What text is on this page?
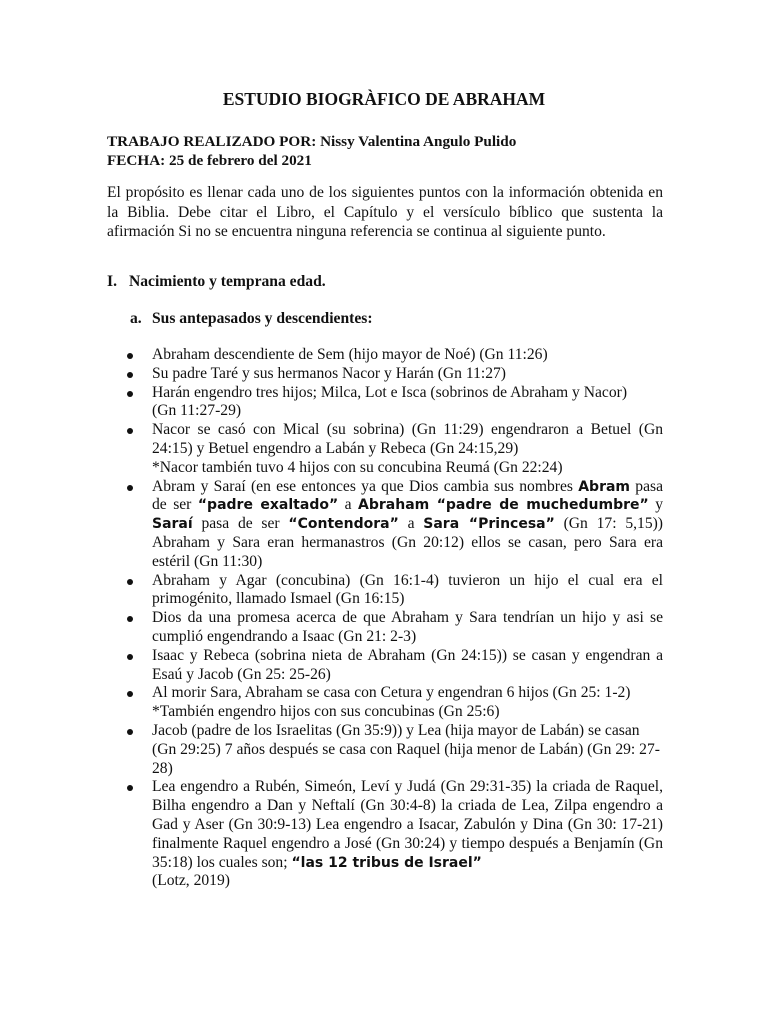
ESTUDIO BIOGRÀFICO DE ABRAHAM
TRABAJO REALIZADO POR: Nissy Valentina Angulo Pulido
FECHA: 25 de febrero del 2021
El propósito es llenar cada uno de los siguientes puntos con la información obtenida en la Biblia. Debe citar el Libro, el Capítulo y el versículo bíblico que sustenta la afirmación Si no se encuentra ninguna referencia se continua al siguiente punto.
I. Nacimiento y temprana edad.
a. Sus antepasados y descendientes:

Abraham descendiente de Sem (hijo mayor de Noé) (Gn 11:26)

Su padre Taré y sus hermanos Nacor y Harán (Gn 11:27)

Harán engendro tres hijos; Milca, Lot e Isca (sobrinos de Abraham y Nacor)

(Gn 11:27-29)

Nacor se casó con Mical (su sobrina) (Gn 11:29) engendraron a Betuel (Gn 24:15) y Betuel engendro a Labán y Rebeca (Gn 24:15,29)

*Nacor también tuvo 4 hijos con su concubina Reumá (Gn 22:24)

Abram y Saraí (en ese entonces ya que Dios cambia sus nombres Abram pasa de ser “padre exaltado” a Abraham “padre de muchedumbre” y Saraí pasa de ser “Contendora” a Sara “Princesa” (Gn 17: 5,15)) Abraham y Sara eran hermanastros (Gn 20:12) ellos se casan, pero Sara era estéril (Gn 11:30)

Abraham y Agar (concubina) (Gn 16:1-4) tuvieron un hijo el cual era el primogénito, llamado Ismael (Gn 16:15)

Dios da una promesa acerca de que Abraham y Sara tendrían un hijo y asi se cumplió engendrando a Isaac (Gn 21: 2-3)

Isaac y Rebeca (sobrina nieta de Abraham (Gn 24:15)) se casan y engendran a Esaú y Jacob (Gn 25: 25-26)

Al morir Sara, Abraham se casa con Cetura y engendran 6 hijos (Gn 25: 1-2)

*También engendro hijos con sus concubinas (Gn 25:6)

Jacob (padre de los Israelitas (Gn 35:9)) y Lea (hija mayor de Labán) se casan

(Gn 29:25) 7 años después se casa con Raquel (hija menor de Labán) (Gn 29: 27-

28)

Lea engendro a Rubén, Simeón, Leví y Judá (Gn 29:31-35) la criada de Raquel, Bilha engendro a Dan y Neftalí (Gn 30:4-8) la criada de Lea, Zilpa engendro a Gad y Aser (Gn 30:9-13) Lea engendro a Isacar, Zabulón y Dina (Gn 30: 17-21) finalmente Raquel engendro a José (Gn 30:24) y tiempo después a Benjamín (Gn 35:18) los cuales son; “las 12 tribus de Israel”

(Lotz, 2019)
